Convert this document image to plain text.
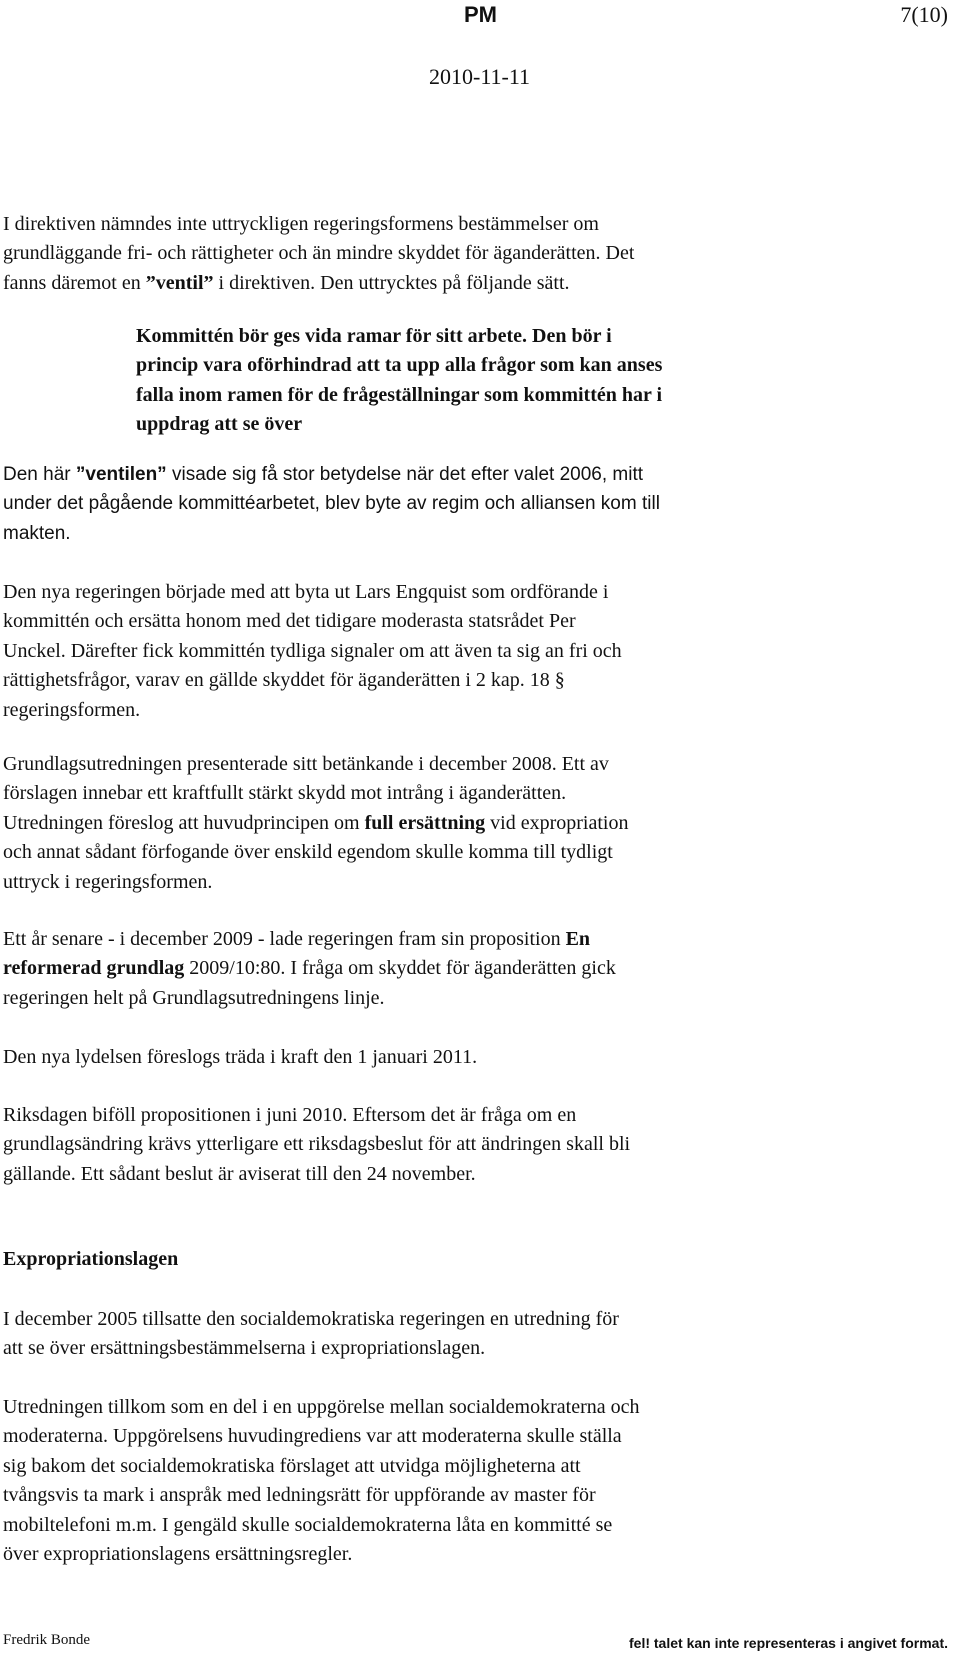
PM	7(10)
2010-11-11
I direktiven nämndes inte uttryckligen regeringsformens bestämmelser om
grundläggande fri- och rättigheter och än mindre skyddet för äganderätten. Det
fanns däremot en ”ventil” i direktiven. Den uttrycktes på följande sätt.
Kommittén bör ges vida ramar för sitt arbete. Den bör i
princip vara oförhindrad att ta upp alla frågor som kan anses
falla inom ramen för de frågeställningar som kommittén har i
uppdrag att se över
Den här ”ventilen” visade sig få stor betydelse när det efter valet 2006, mitt
under det pågående kommittéarbetet, blev byte av regim och alliansen kom till
makten.
Den nya regeringen började med att byta ut Lars Engquist som ordförande i
kommittén och ersätta honom med det tidigare moderasta statsrådet Per
Unckel. Därefter fick kommittén tydliga signaler om att även ta sig an fri och
rättighetsfrågor, varav en gällde skyddet för äganderätten i 2 kap. 18 §
regeringsformen.
Grundlagsutredningen presenterade sitt betänkande i december 2008. Ett av
förslagen innebar ett kraftfullt stärkt skydd mot intrång i äganderätten.
Utredningen föreslog att huvudprincipen om full ersättning vid expropriation
och annat sådant förfogande över enskild egendom skulle komma till tydligt
uttryck i regeringsformen.
Ett år senare - i december 2009 - lade regeringen fram sin proposition En
reformerad grundlag 2009/10:80. I fråga om skyddet för äganderätten gick
regeringen helt på Grundlagsutredningens linje.
Den nya lydelsen föreslogs träda i kraft den 1 januari 2011.
Riksdagen biföll propositionen i juni 2010. Eftersom det är fråga om en
grundlagsändring krävs ytterligare ett riksdagsbeslut för att ändringen skall bli
gällande. Ett sådant beslut är aviserat till den 24 november.
Expropriationslagen
I december 2005 tillsatte den socialdemokratiska regeringen en utredning för
att se över ersättningsbestämmelserna i expropriationslagen.
Utredningen tillkom som en del i en uppgörelse mellan socialdemokraterna och
moderaterna. Uppgörelsens huvudingrediens var att moderaterna skulle ställa
sig bakom det socialdemokratiska förslaget att utvidga möjligheterna att
tvångsvis ta mark i anspråk med ledningsrätt för uppförande av master för
mobiltelefoni m.m. I gengäld skulle socialdemokraterna låta en kommitté se
över expropriationslagens ersättningsregler.
Fredrik Bonde	fel! talet kan inte representeras i angivet format.
